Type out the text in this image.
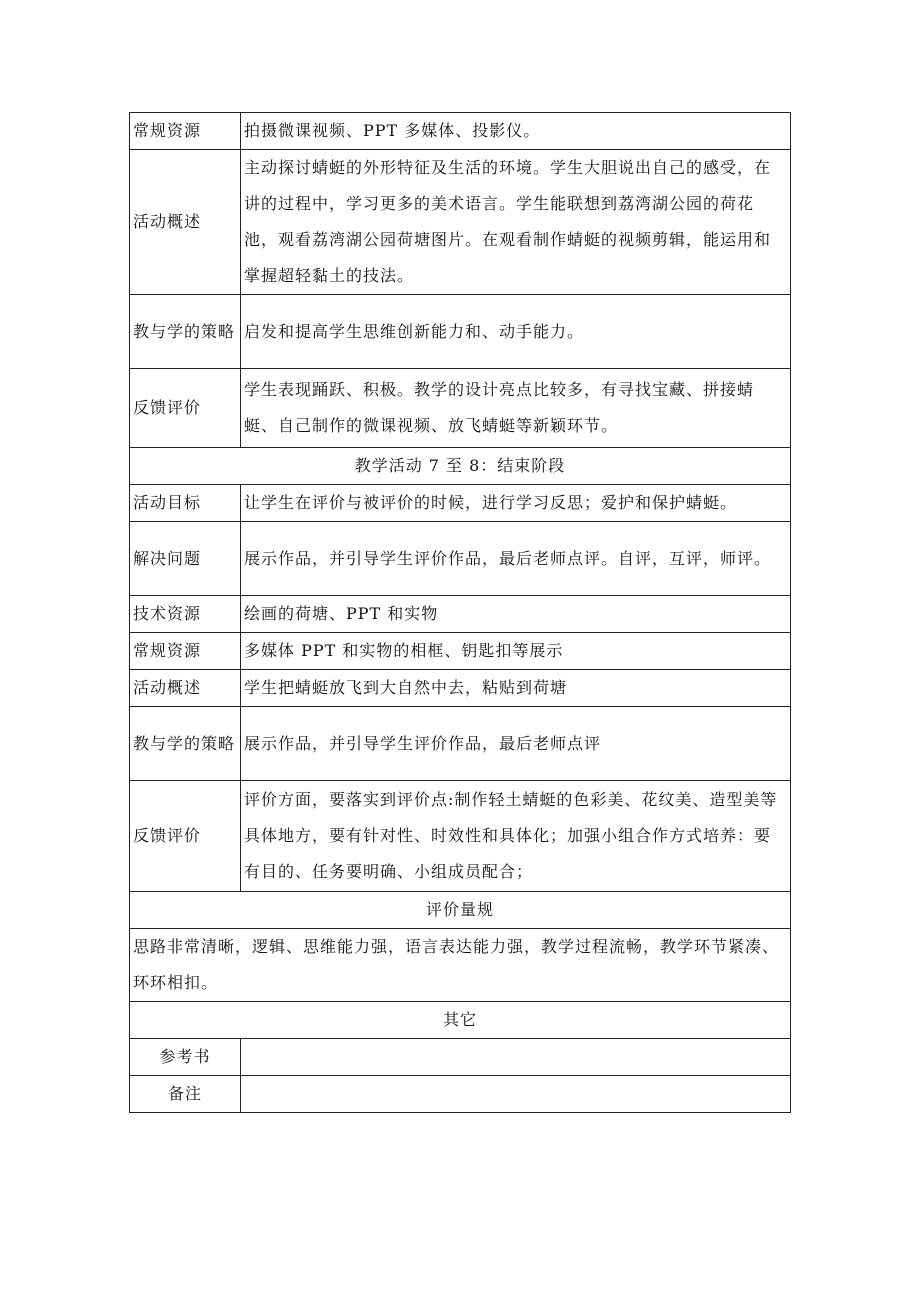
常规资源	拍摄微课视频、PPT 多媒体、投影仪。
活动概述	主动探讨蜻蜓的外形特征及生活的环境。学生大胆说出自己的感受，在讲的过程中，学习更多的美术语言。学生能联想到荔湾湖公园的荷花池，观看荔湾湖公园荷塘图片。在观看制作蜻蜓的视频剪辑，能运用和掌握超轻黏土的技法。
教与学的策略	启发和提高学生思维创新能力和、动手能力。
反馈评价	学生表现踊跃、积极。教学的设计亮点比较多，有寻找宝藏、拼接蜻蜓、自己制作的微课视频、放飞蜻蜓等新颖环节。
教学活动 7 至 8：结束阶段	
活动目标	让学生在评价与被评价的时候，进行学习反思；爱护和保护蜻蜓。
解决问题	展示作品，并引导学生评价作品，最后老师点评。自评，互评，师评。
技术资源	绘画的荷塘、PPT 和实物
常规资源	多媒体 PPT 和实物的相框、钥匙扣等展示
活动概述	学生把蜻蜓放飞到大自然中去，粘贴到荷塘
教与学的策略	展示作品，并引导学生评价作品，最后老师点评
反馈评价	评价方面，要落实到评价点:制作轻土蜻蜓的色彩美、花纹美、造型美等具体地方，要有针对性、时效性和具体化；加强小组合作方式培养：要有目的、任务要明确、小组成员配合；
评价量规	
思路非常清晰，逻辑、思维能力强，语言表达能力强，教学过程流畅，教学环节紧凑、环环相扣。	
其它	
参考书	
备注	
